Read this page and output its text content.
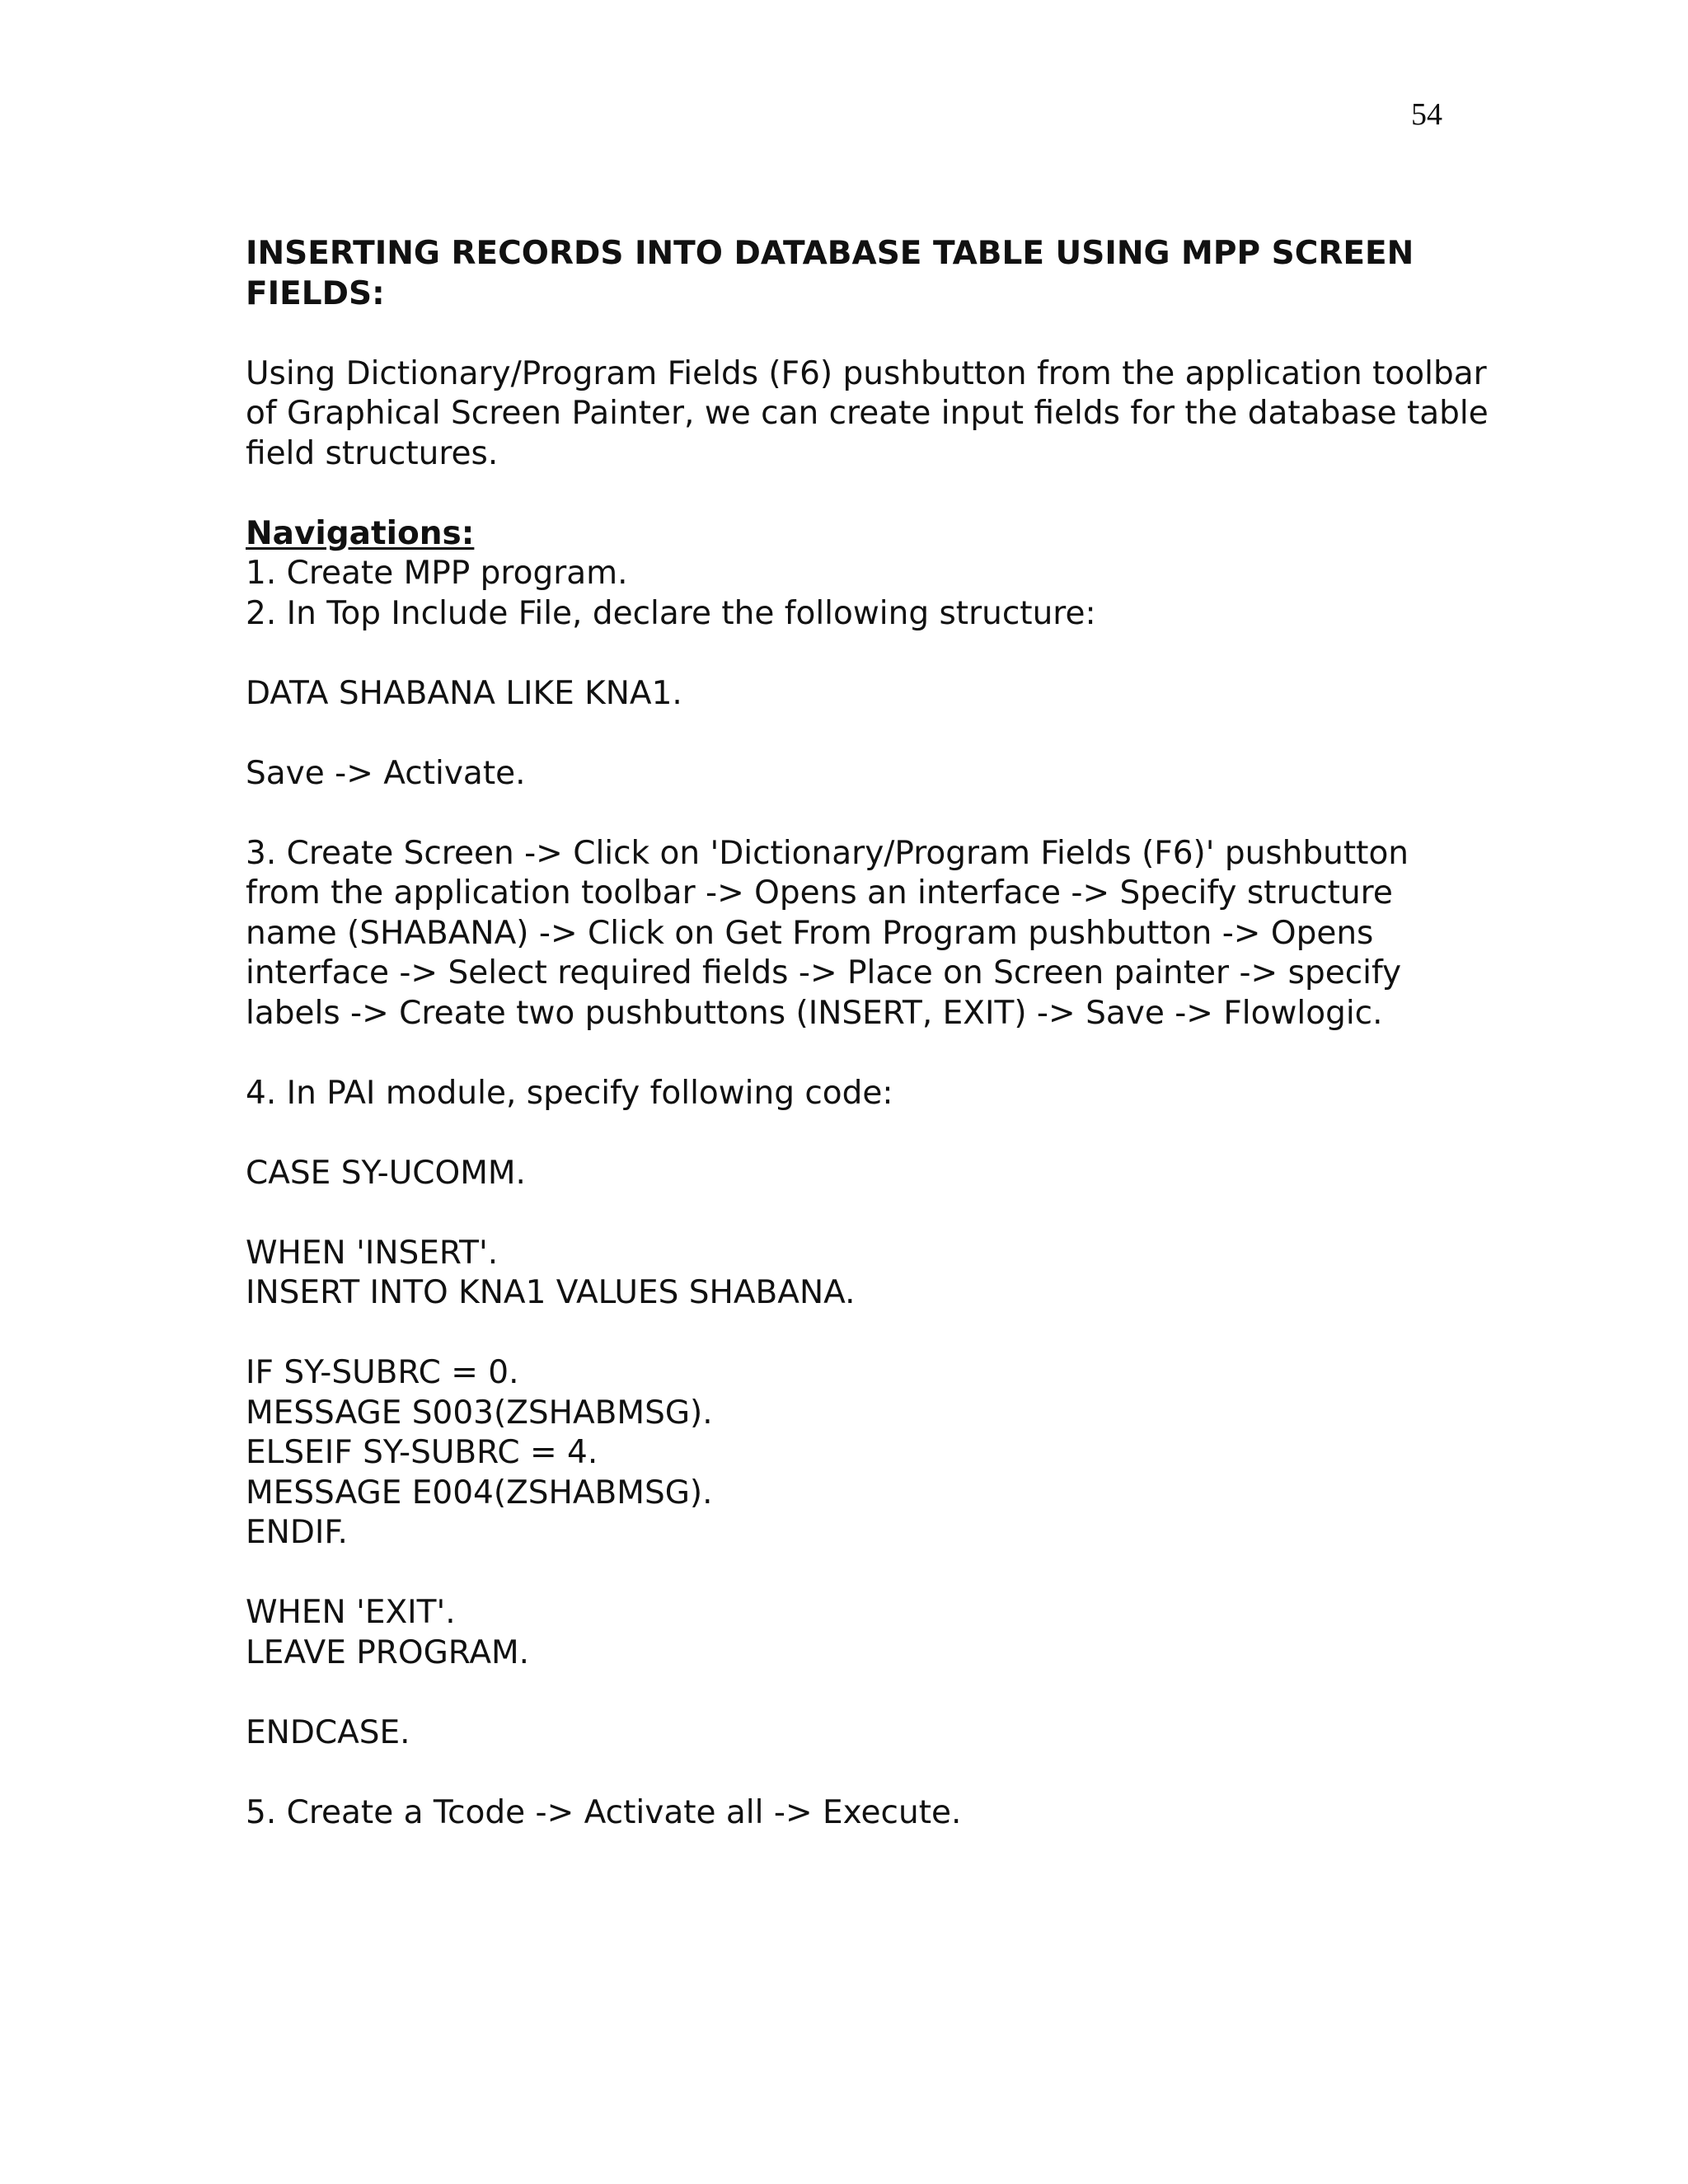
54
INSERTING RECORDS INTO DATABASE TABLE USING MPP SCREEN
FIELDS:
Using Dictionary/Program Fields (F6) pushbutton from the application toolbar
of Graphical Screen Painter, we can create input fields for the database table
field structures.
Navigations:
1. Create MPP program.
2. In Top Include File, declare the following structure:
DATA SHABANA LIKE KNA1.
Save -> Activate.
3. Create Screen -> Click on 'Dictionary/Program Fields (F6)' pushbutton
from the application toolbar -> Opens an interface -> Specify structure
name (SHABANA) -> Click on Get From Program pushbutton -> Opens
interface -> Select required fields -> Place on Screen painter -> specify
labels -> Create two pushbuttons (INSERT, EXIT) -> Save -> Flowlogic.
4. In PAI module, specify following code:
CASE SY-UCOMM.
WHEN 'INSERT'.
INSERT INTO KNA1 VALUES SHABANA.
IF SY-SUBRC = 0.
MESSAGE S003(ZSHABMSG).
ELSEIF SY-SUBRC = 4.
MESSAGE E004(ZSHABMSG).
ENDIF.
WHEN 'EXIT'.
LEAVE PROGRAM.
ENDCASE.
5. Create a Tcode -> Activate all -> Execute.
